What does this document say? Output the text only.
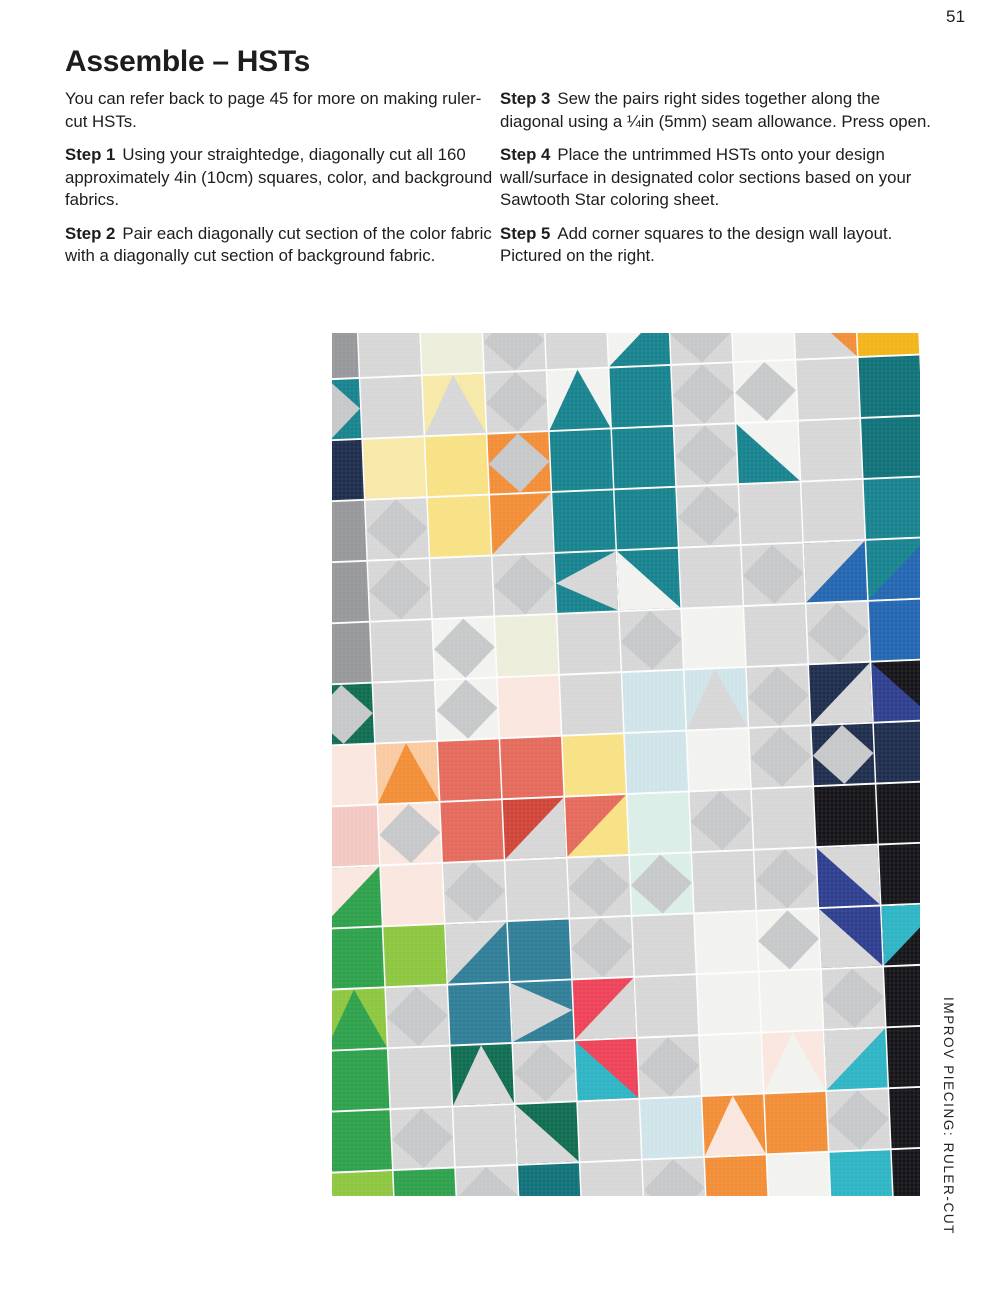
51
Assemble – HSTs

You can refer back to page 45 for more on making ruler-cut HSTs.

Step 1 Using your straightedge, diagonally cut all 160 approximately 4in (10cm) squares, color, and background fabrics.

Step 2 Pair each diagonally cut section of the color fabric with a diagonally cut section of background fabric.

Step 3 Sew the pairs right sides together along the diagonal using a ¼in (5mm) seam allowance. Press open.

Step 4 Place the untrimmed HSTs onto your design wall/surface in designated color sections based on your Sawtooth Star coloring sheet.

Step 5 Add corner squares to the design wall layout. Pictured on the right.

IMPROV PIECING: RULER-CUT
